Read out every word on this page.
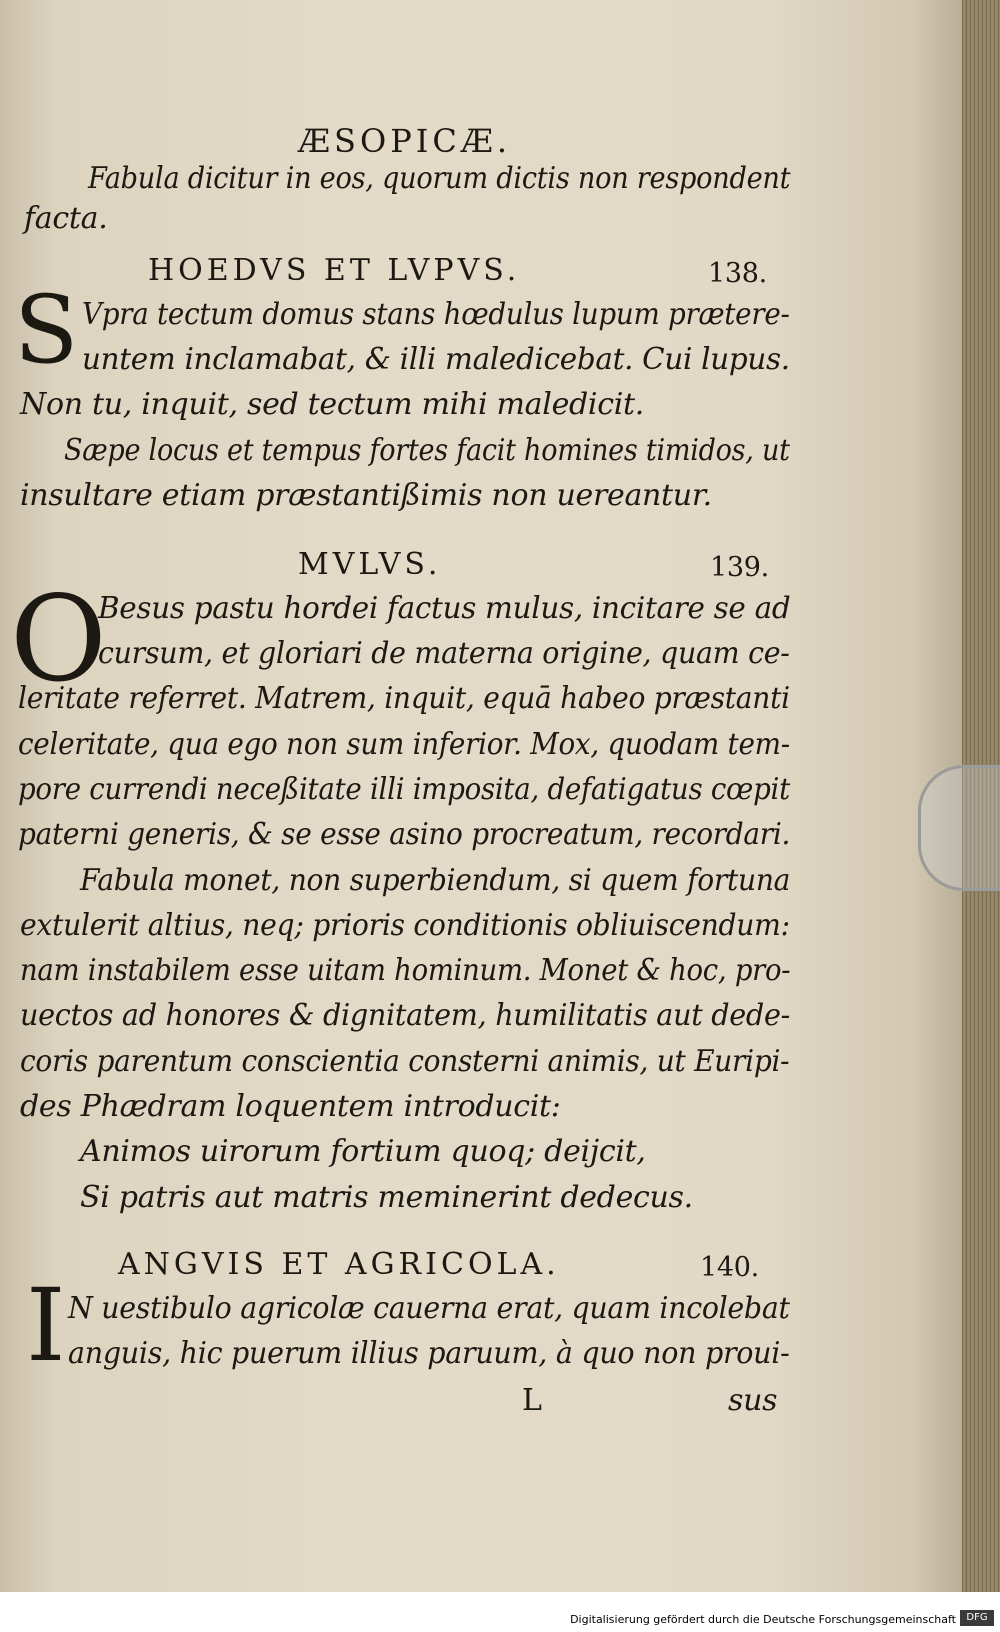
ÆSOPICÆ.
Fabula dicitur in eos, quorum dictis non respondent
facta.
HOEDVS ET LVPVS.	138.
S Vpra tectum domus stans hœdulus lupum prætere-
untem inclamabat, & illi maledicebat. Cui lupus.
Non tu, inquit, sed tectum mihi maledicit.
Sæpe locus et tempus fortes facit homines timidos, ut
insultare etiam præstantißimis non uereantur.
MVLVS.	139.
O
Besus pastu hordei factus mulus, incitare se ad
cursum, et gloriari de materna origine, quam ce-
leritate referret. Matrem, inquit, equā habeo præstanti
celeritate, qua ego non sum inferior. Mox, quodam tem-
pore currendi neceßitate illi imposita, defatigatus cœpit
paterni generis, & se esse asino procreatum, recordari.
Fabula monet, non superbiendum, si quem fortuna
extulerit altius, neq; prioris conditionis obliuiscendum:
nam instabilem esse uitam hominum. Monet & hoc, pro-
uectos ad honores & dignitatem, humilitatis aut dede-
coris parentum conscientia consterni animis, ut Euripi-
des Phædram loquentem introducit:
Animos uirorum fortium quoq; deijcit,
Si patris aut matris meminerint dedecus.
ANGVIS ET AGRICOLA.	140.
I N uestibulo agricolæ cauerna erat, quam incolebat
anguis, hic puerum illius paruum, à quo non proui-
L	sus
Digitalisierung gefördert durch die Deutsche Forschungsgemeinschaft	DFG
